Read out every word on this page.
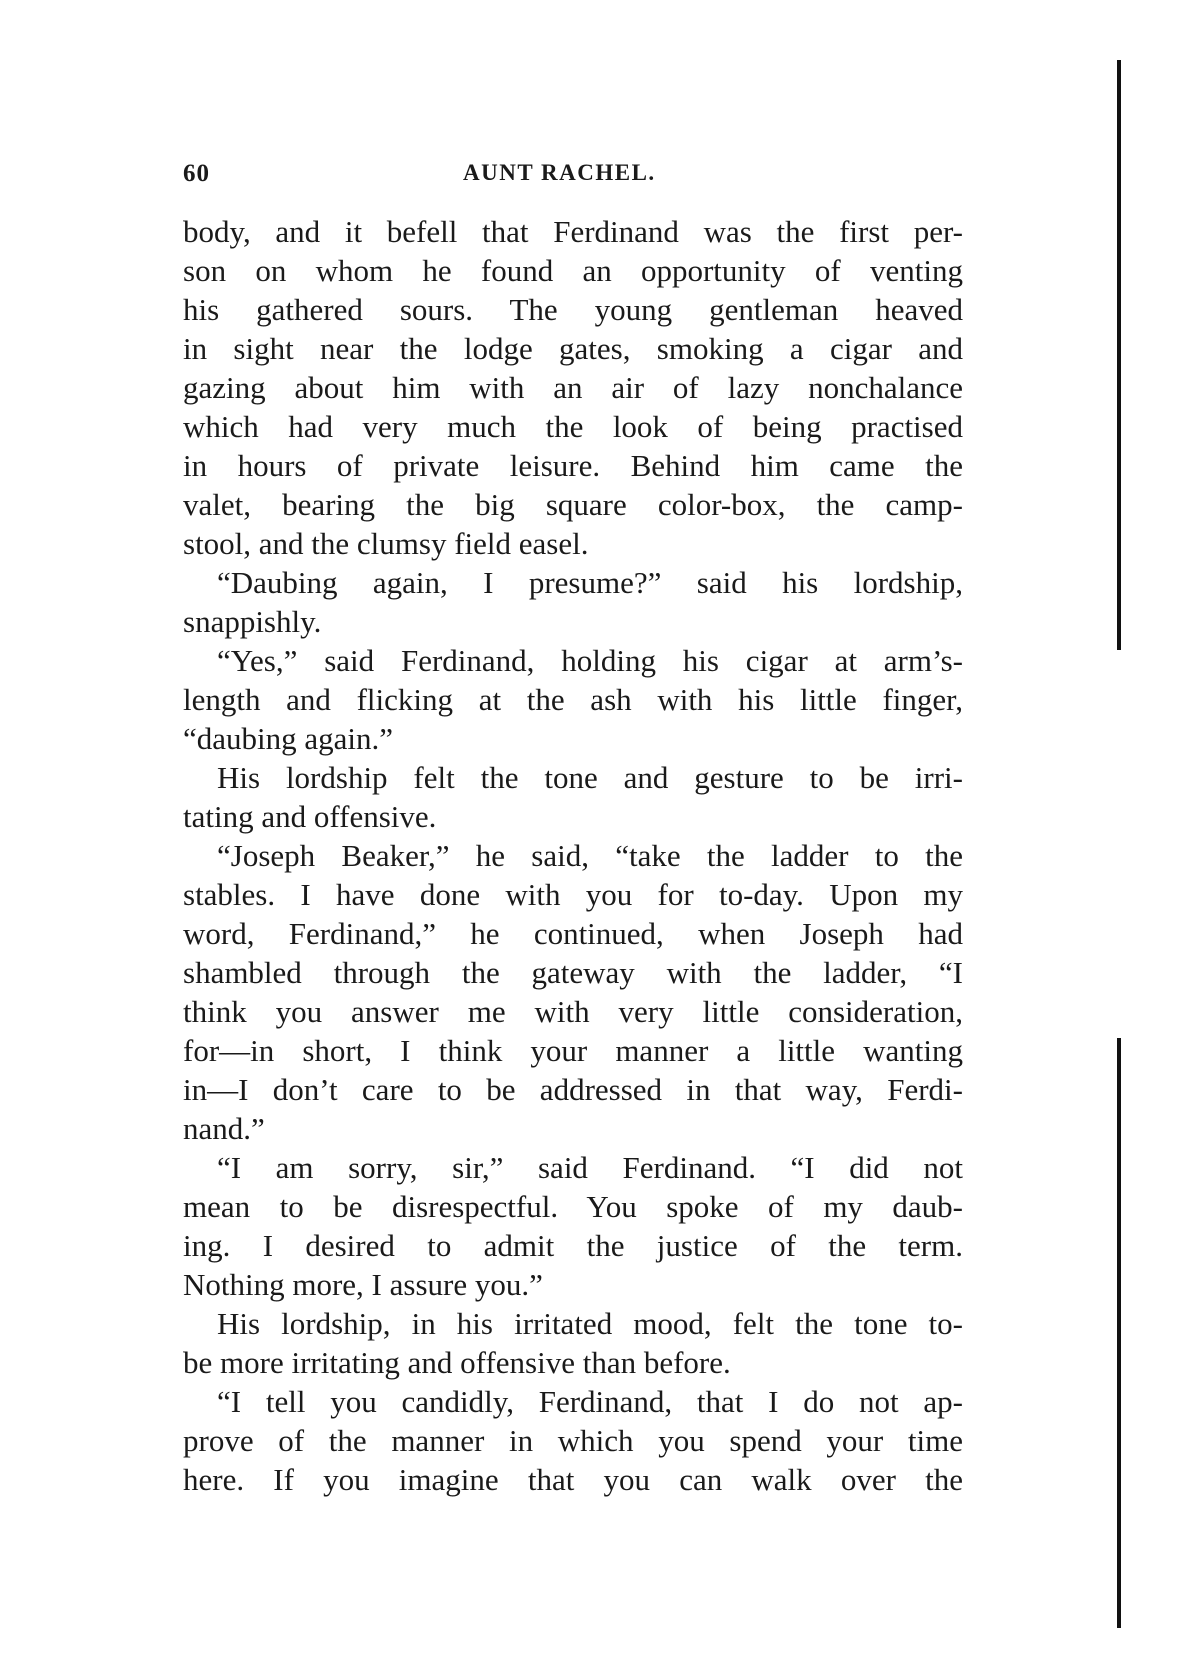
60	AUNT RACHEL.
body, and it befell that Ferdinand was the first per-
son on whom he found an opportunity of venting
his gathered sours. The young gentleman heaved
in sight near the lodge gates, smoking a cigar and
gazing about him with an air of lazy nonchalance
which had very much the look of being practised
in hours of private leisure. Behind him came the
valet, bearing the big square color-box, the camp-
stool, and the clumsy field easel.
“Daubing again, I presume?” said his lordship,
snappishly.
“Yes,” said Ferdinand, holding his cigar at arm’s-
length and flicking at the ash with his little finger,
“daubing again.”
His lordship felt the tone and gesture to be irri-
tating and offensive.
“Joseph Beaker,” he said, “take the ladder to the
stables. I have done with you for to-day. Upon my
word, Ferdinand,” he continued, when Joseph had
shambled through the gateway with the ladder, “I
think you answer me with very little consideration,
for—in short, I think your manner a little wanting
in—I don’t care to be addressed in that way, Ferdi-
nand.”
“I am sorry, sir,” said Ferdinand. “I did not
mean to be disrespectful. You spoke of my daub-
ing. I desired to admit the justice of the term.
Nothing more, I assure you.”
His lordship, in his irritated mood, felt the tone to-
be more irritating and offensive than before.
“I tell you candidly, Ferdinand, that I do not ap-
prove of the manner in which you spend your time
here. If you imagine that you can walk over the
